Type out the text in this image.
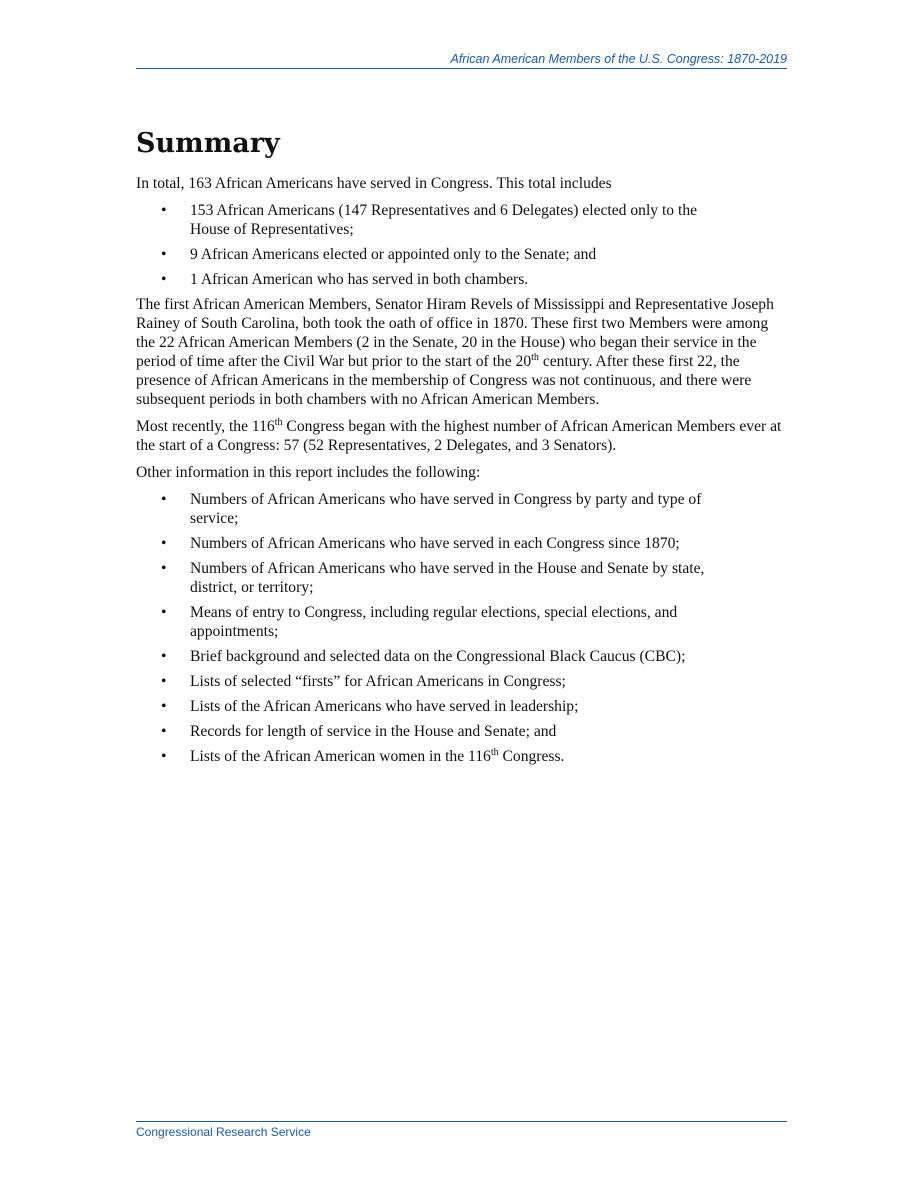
African American Members of the U.S. Congress: 1870-2019
Summary

In total, 163 African Americans have served in Congress. This total includes

• 153 African Americans (147 Representatives and 6 Delegates) elected only to the House of Representatives;
• 9 African Americans elected or appointed only to the Senate; and
• 1 African American who has served in both chambers.

The first African American Members, Senator Hiram Revels of Mississippi and Representative Joseph Rainey of South Carolina, both took the oath of office in 1870. These first two Members were among the 22 African American Members (2 in the Senate, 20 in the House) who began their service in the period of time after the Civil War but prior to the start of the 20th century. After these first 22, the presence of African Americans in the membership of Congress was not continuous, and there were subsequent periods in both chambers with no African American Members.

Most recently, the 116th Congress began with the highest number of African American Members ever at the start of a Congress: 57 (52 Representatives, 2 Delegates, and 3 Senators).

Other information in this report includes the following:

• Numbers of African Americans who have served in Congress by party and type of service;
• Numbers of African Americans who have served in each Congress since 1870;
• Numbers of African Americans who have served in the House and Senate by state, district, or territory;
• Means of entry to Congress, including regular elections, special elections, and appointments;
• Brief background and selected data on the Congressional Black Caucus (CBC);
• Lists of selected “firsts” for African Americans in Congress;
• Lists of the African Americans who have served in leadership;
• Records for length of service in the House and Senate; and
• Lists of the African American women in the 116th Congress.
Congressional Research Service
